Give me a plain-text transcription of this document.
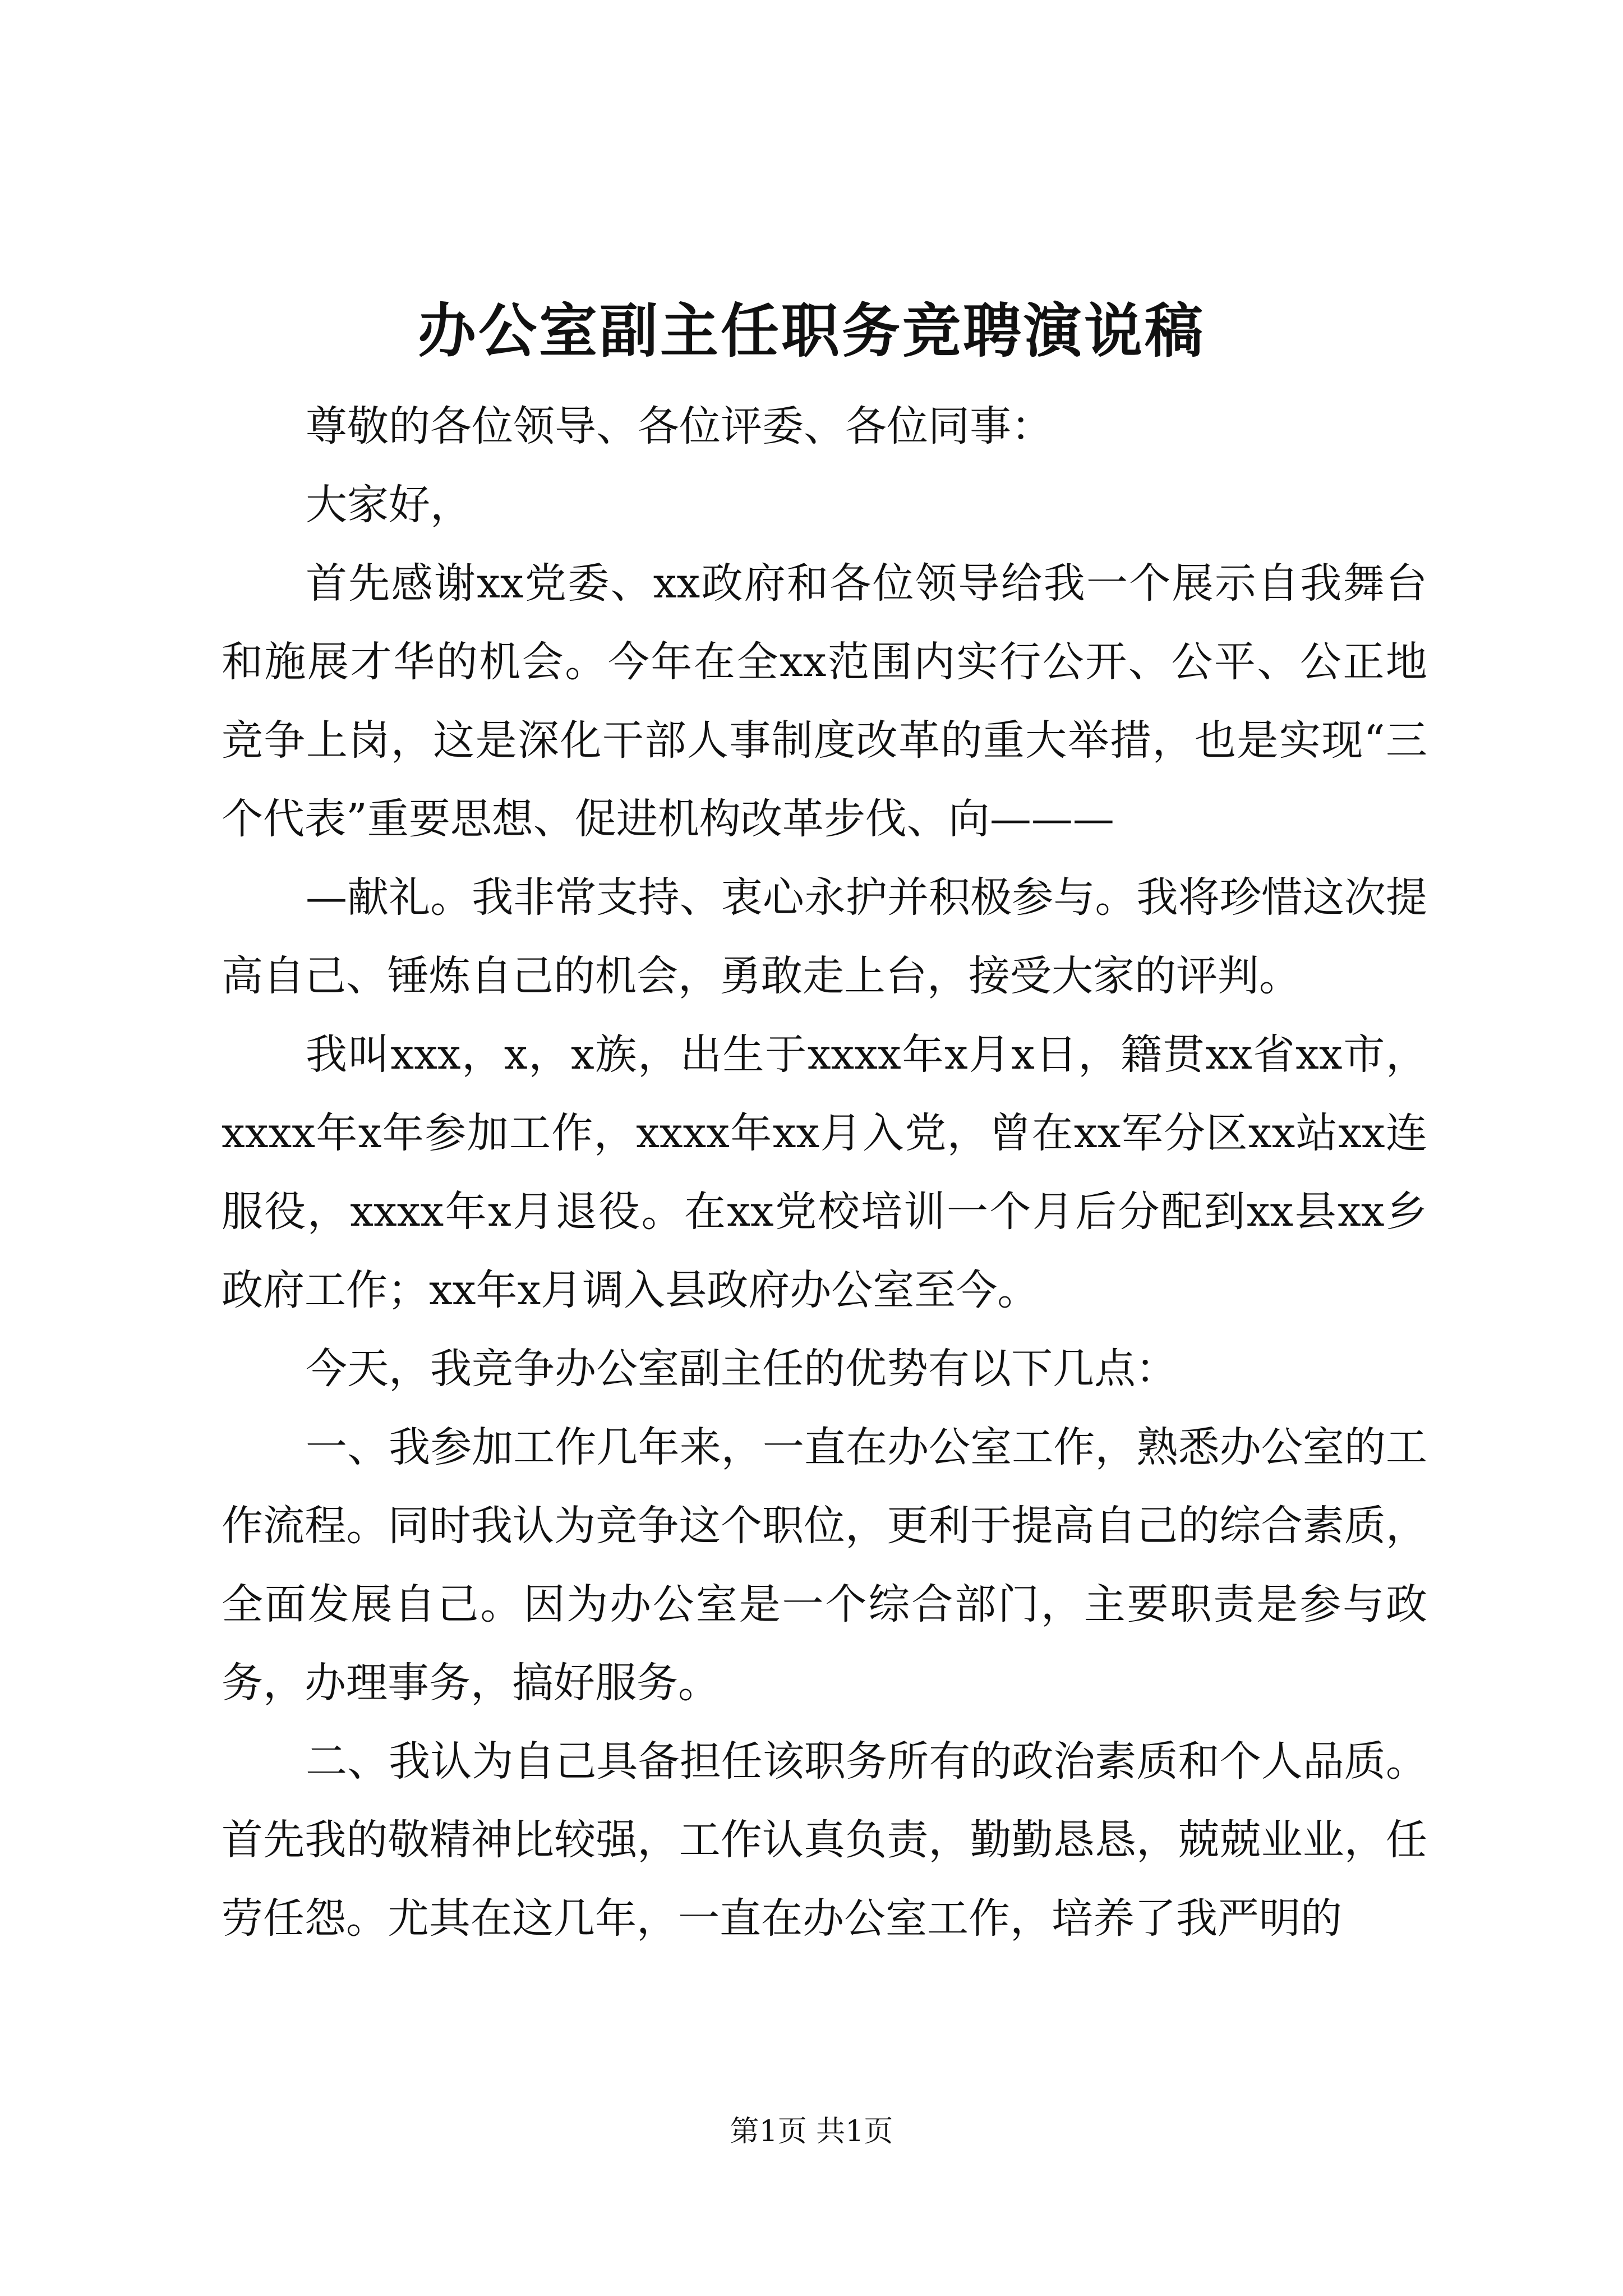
办公室副主任职务竞聘演说稿

尊敬的各位领导、各位评委、各位同事：

大家好，

首先感谢xx党委、xx政府和各位领导给我一个展示自我舞台和施展才华的机会。今年在全xx范围内实行公开、公平、公正地竞争上岗，这是深化干部人事制度改革的重大举措，也是实现“三个代表”重要思想、促进机构改革步伐、向———

—献礼。我非常支持、衷心永护并积极参与。我将珍惜这次提高自己、锤炼自己的机会，勇敢走上台，接受大家的评判。

我叫xxx，x，x族，出生于xxxx年x月x日，籍贯xx省xx市，xxxx年x年参加工作，xxxx年xx月入党，曾在xx军分区xx站xx连服役，xxxx年x月退役。在xx党校培训一个月后分配到xx县xx乡政府工作；xx年x月调入县政府办公室至今。

今天，我竞争办公室副主任的优势有以下几点：

一、我参加工作几年来，一直在办公室工作，熟悉办公室的工作流程。同时我认为竞争这个职位，更利于提高自己的综合素质，全面发展自己。因为办公室是一个综合部门，主要职责是参与政务，办理事务，搞好服务。

二、我认为自己具备担任该职务所有的政治素质和个人品质。首先我的敬精神比较强，工作认真负责，勤勤恳恳，兢兢业业，任劳任怨。尤其在这几年，一直在办公室工作，培养了我严明的

第1页 共1页
